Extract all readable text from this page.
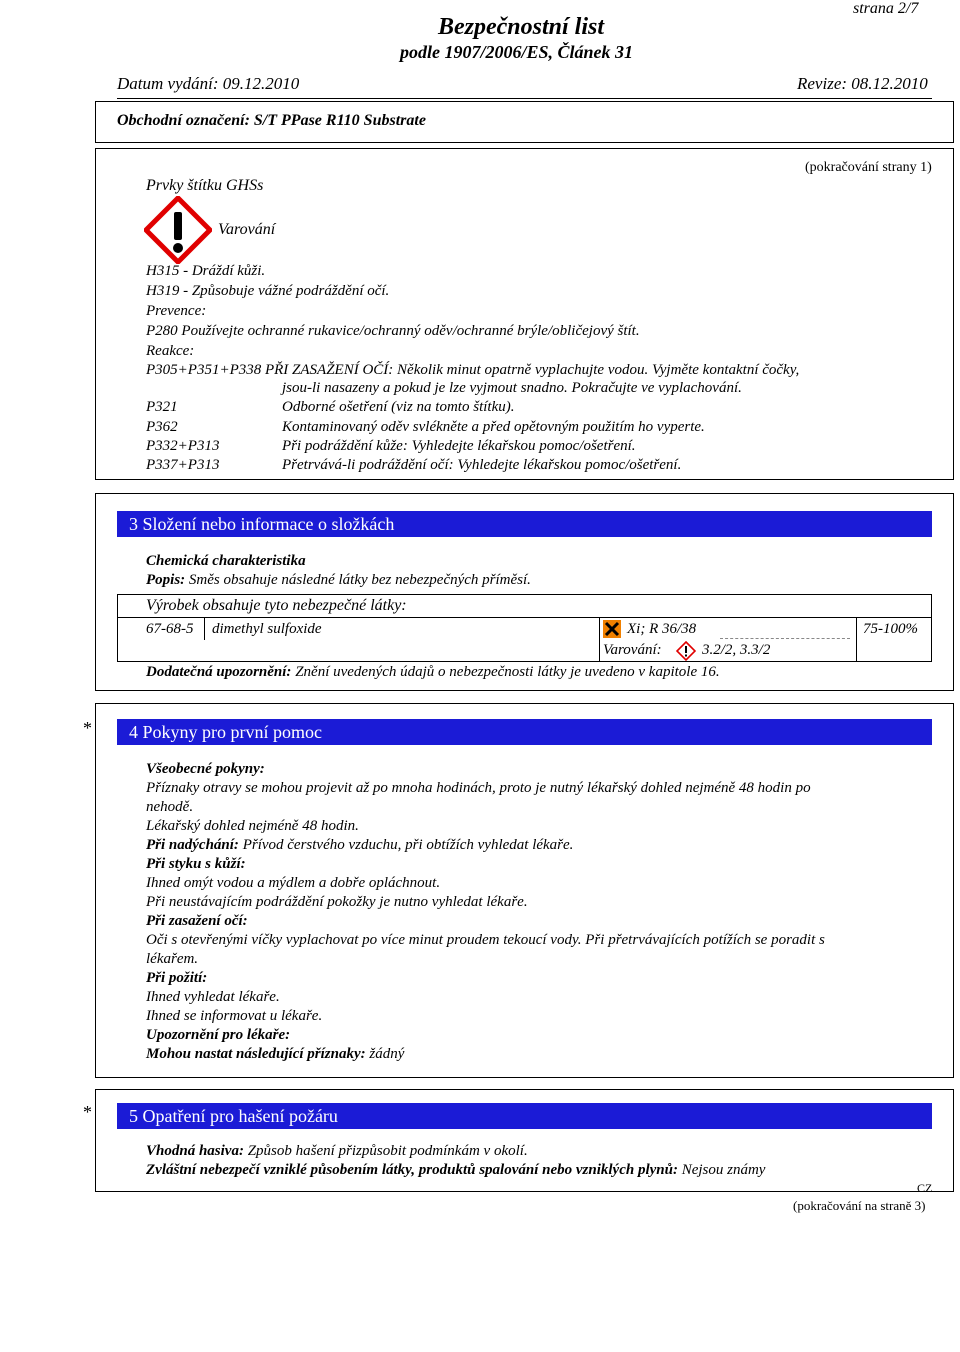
strana 2/7
Bezpečnostní list
podle 1907/2006/ES, Článek 31
Datum vydání: 09.12.2010	Revize: 08.12.2010
Obchodní označení: S/T PPase R110 Substrate
Prvky štítku GHSs
(pokračování strany 1)
Varování
H315 - Dráždí kůži.
H319 - Způsobuje vážné podráždění očí.
Prevence:
P280 Používejte ochranné rukavice/ochranný oděv/ochranné brýle/obličejový štít.
Reakce:
P305+P351+P338 PŘI ZASAŽENÍ OČÍ: Několik minut opatrně vyplachujte vodou. Vyjměte kontaktní čočky,
jsou-li nasazeny a pokud je lze vyjmout snadno. Pokračujte ve vyplachování.
P321	Odborné ošetření (viz na tomto štítku).
P362	Kontaminovaný oděv svlékněte a před opětovným použitím ho vyperte.
P332+P313	Při podráždění kůže: Vyhledejte lékařskou pomoc/ošetření.
P337+P313	Přetrvává-li podráždění očí: Vyhledejte lékařskou pomoc/ošetření.
3 Složení nebo informace o složkách
Chemická charakteristika
Popis: Směs obsahuje následné látky bez nebezpečných příměsí.
Výrobek obsahuje tyto nebezpečné látky:
67-68-5 dimethyl sulfoxide	Xi; R 36/38	75-100%
Varování:	3.2/2, 3.3/2
Dodatečná upozornění: Znění uvedených údajů o nebezpečnosti látky je uvedeno v kapitole 16.
*	4 Pokyny pro první pomoc
Všeobecné pokyny:
Příznaky otravy se mohou projevit až po mnoha hodinách, proto je nutný lékařský dohled nejméně 48 hodin po
nehodě.
Lékařský dohled nejméně 48 hodin.
Při nadýchání: Přívod čerstvého vzduchu, při obtížích vyhledat lékaře.
Při styku s kůží:
Ihned omýt vodou a mýdlem a dobře opláchnout.
Při neustávajícím podráždění pokožky je nutno vyhledat lékaře.
Při zasažení očí:
Oči s otevřenými víčky vyplachovat po více minut proudem tekoucí vody. Při přetrvávajících potížích se poradit s
lékařem.
Při požití:
Ihned vyhledat lékaře.
Ihned se informovat u lékaře.
Upozornění pro lékaře:
Mohou nastat následující příznaky: žádný
*	5 Opatření pro hašení požáru
Vhodná hasiva: Způsob hašení přizpůsobit podmínkám v okolí.
Zvláštní nebezpečí vzniklé působením látky, produktů spalování nebo vzniklých plynů: Nejsou známy
CZ
(pokračování na straně 3)
